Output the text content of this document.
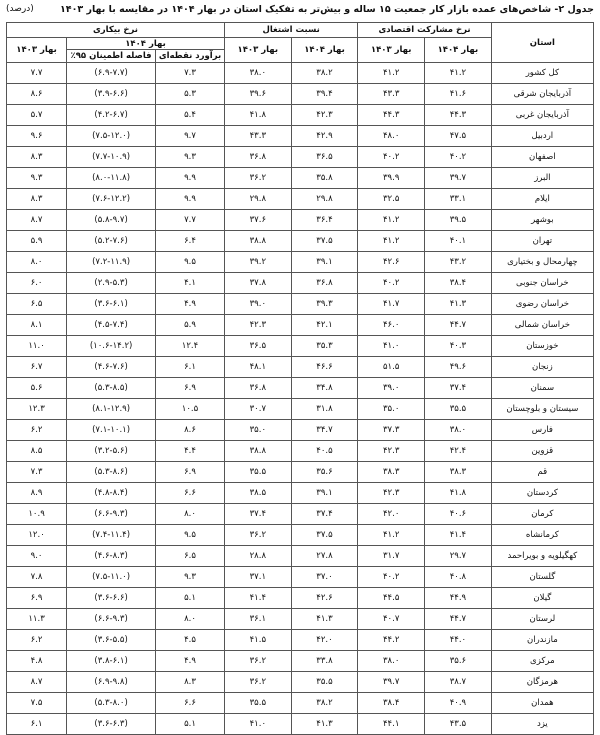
جدول ۲- شاخص‌های عمده بازار کار جمعیت ۱۵ ساله و بیش‌تر به تفکیک استان در بهار ۱۴۰۴ در مقایسه با بهار ۱۴۰۳
(درصد)
استان	نرخ مشارکت اقتصادی		نسبت اشتغال		نرخ بیکاری		
	بهار ۱۴۰۴	بهار ۱۴۰۳	بهار ۱۴۰۴	بهار ۱۴۰۳	بهار ۱۴۰۴		بهار ۱۴۰۳
					برآورد نقطه‌ای	فاصله اطمینان ۹۵٪	
کل کشور	۴۱.۲	۴۱.۲	۳۸.۲	۳۸.۰	۷.۳	(۶.۹-۷.۷)	۷.۷
آذربایجان شرقی	۴۱.۶	۴۳.۳	۳۹.۴	۳۹.۶	۵.۳	(۳.۹-۶.۶)	۸.۶
آذربایجان غربی	۴۴.۳	۴۴.۳	۴۲.۳	۴۱.۸	۵.۴	(۴.۲-۶.۷)	۵.۷
اردبیل	۴۷.۵	۴۸.۰	۴۲.۹	۴۳.۳	۹.۷	(۷.۵-۱۲.۰)	۹.۶
اصفهان	۴۰.۲	۴۰.۲	۳۶.۵	۳۶.۸	۹.۳	(۷.۷-۱۰.۹)	۸.۳
البرز	۳۹.۷	۳۹.۹	۳۵.۸	۳۶.۲	۹.۹	(۸.۰-۱۱.۸)	۹.۳
ایلام	۳۳.۱	۳۲.۵	۲۹.۸	۲۹.۸	۹.۹	(۷.۶-۱۲.۲)	۸.۳
بوشهر	۳۹.۵	۴۱.۲	۳۶.۴	۳۷.۶	۷.۷	(۵.۸-۹.۷)	۸.۷
تهران	۴۰.۱	۴۱.۲	۳۷.۵	۳۸.۸	۶.۴	(۵.۲-۷.۶)	۵.۹
چهارمحال و بختیاری	۴۳.۲	۴۲.۶	۳۹.۱	۳۹.۲	۹.۵	(۷.۲-۱۱.۹)	۸.۰
خراسان جنوبی	۳۸.۴	۴۰.۲	۳۶.۸	۳۷.۸	۴.۱	(۲.۹-۵.۳)	۶.۰
خراسان رضوی	۴۱.۳	۴۱.۷	۳۹.۳	۳۹.۰	۴.۹	(۳.۶-۶.۱)	۶.۵
خراسان شمالی	۴۴.۷	۴۶.۰	۴۲.۱	۴۲.۳	۵.۹	(۴.۵-۷.۴)	۸.۱
خوزستان	۴۰.۳	۴۱.۰	۳۵.۳	۳۶.۵	۱۲.۴	(۱۰.۶-۱۴.۲)	۱۱.۰
زنجان	۴۹.۶	۵۱.۵	۴۶.۶	۴۸.۱	۶.۱	(۴.۶-۷.۶)	۶.۷
سمنان	۳۷.۴	۳۹.۰	۳۴.۸	۳۶.۸	۶.۹	(۵.۳-۸.۵)	۵.۶
سیستان و بلوچستان	۳۵.۵	۳۵.۰	۳۱.۸	۳۰.۷	۱۰.۵	(۸.۱-۱۲.۹)	۱۲.۳
فارس	۳۸.۰	۳۷.۳	۳۴.۷	۳۵.۰	۸.۶	(۷.۱-۱۰.۱)	۶.۲
قزوین	۴۲.۴	۴۲.۳	۴۰.۵	۳۸.۸	۴.۴	(۳.۲-۵.۶)	۸.۵
قم	۳۸.۳	۳۸.۳	۳۵.۶	۳۵.۵	۶.۹	(۵.۳-۸.۶)	۷.۳
کردستان	۴۱.۸	۴۲.۳	۳۹.۱	۳۸.۵	۶.۶	(۴.۸-۸.۴)	۸.۹
کرمان	۴۰.۶	۴۲.۰	۳۷.۴	۳۷.۴	۸.۰	(۶.۶-۹.۳)	۱۰.۹
کرمانشاه	۴۱.۴	۴۱.۲	۳۷.۵	۳۶.۲	۹.۵	(۷.۴-۱۱.۴)	۱۲.۰
کهگیلویه و بویراحمد	۲۹.۷	۳۱.۷	۲۷.۸	۲۸.۸	۶.۵	(۴.۶-۸.۳)	۹.۰
گلستان	۴۰.۸	۴۰.۲	۳۷.۰	۳۷.۱	۹.۳	(۷.۵-۱۱.۰)	۷.۸
گیلان	۴۴.۹	۴۴.۵	۴۲.۶	۴۱.۴	۵.۱	(۳.۶-۶.۶)	۶.۹
لرستان	۴۴.۷	۴۰.۷	۴۱.۳	۳۶.۱	۸.۰	(۶.۶-۹.۳)	۱۱.۳
مازندران	۴۴.۰	۴۴.۲	۴۲.۰	۴۱.۵	۴.۵	(۳.۶-۵.۵)	۶.۲
مرکزی	۳۵.۶	۳۸.۰	۳۳.۸	۳۶.۲	۴.۹	(۳.۸-۶.۱)	۴.۸
هرمزگان	۳۸.۷	۳۹.۷	۳۵.۵	۳۶.۲	۸.۳	(۶.۹-۹.۸)	۸.۷
همدان	۴۰.۹	۳۸.۴	۳۸.۲	۳۵.۵	۶.۶	(۵.۳-۸.۰)	۷.۵
یزد	۴۳.۵	۴۴.۱	۴۱.۳	۴۱.۰	۵.۱	(۳.۶-۶.۳)	۶.۱
